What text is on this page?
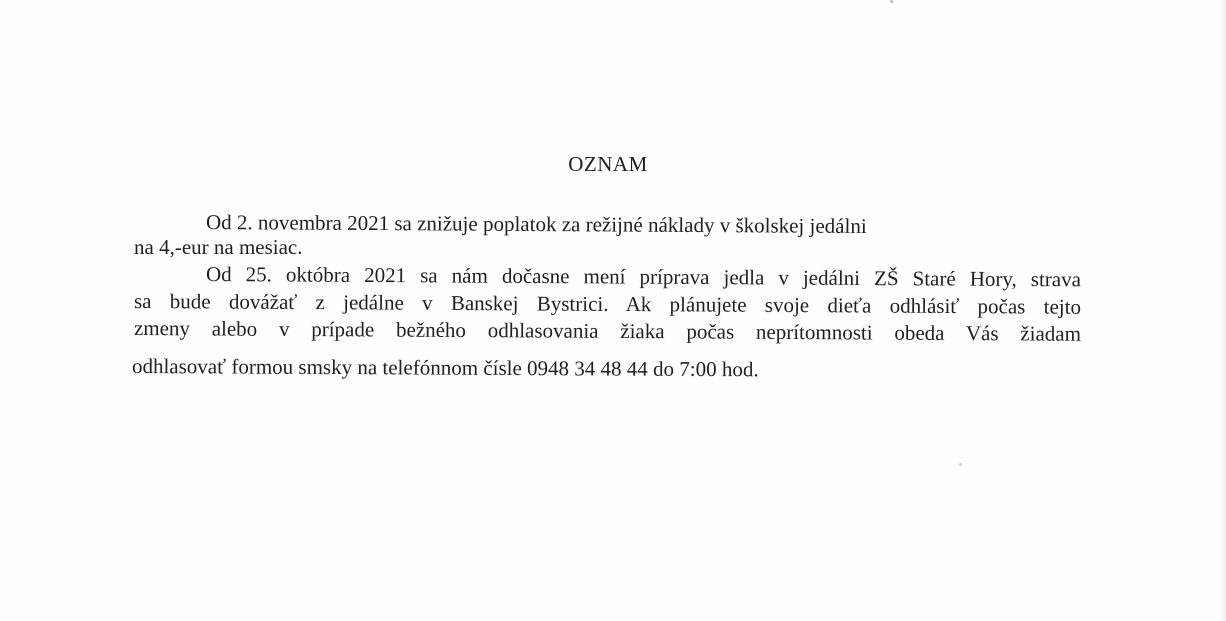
OZNAM
Od 2. novembra 2021 sa znižuje poplatok za režijné náklady v školskej jedálni
na 4,-eur na mesiac.
Od 25. októbra 2021 sa nám dočasne mení príprava jedla v jedálni ZŠ Staré Hory, strava
sa bude dovážať z jedálne v Banskej Bystrici. Ak plánujete svoje dieťa odhlásiť počas tejto
zmeny alebo v prípade bežného odhlasovania žiaka počas neprítomnosti obeda Vás žiadam
odhlasovať formou smsky na telefónnom čísle 0948 34 48 44 do 7:00 hod.
